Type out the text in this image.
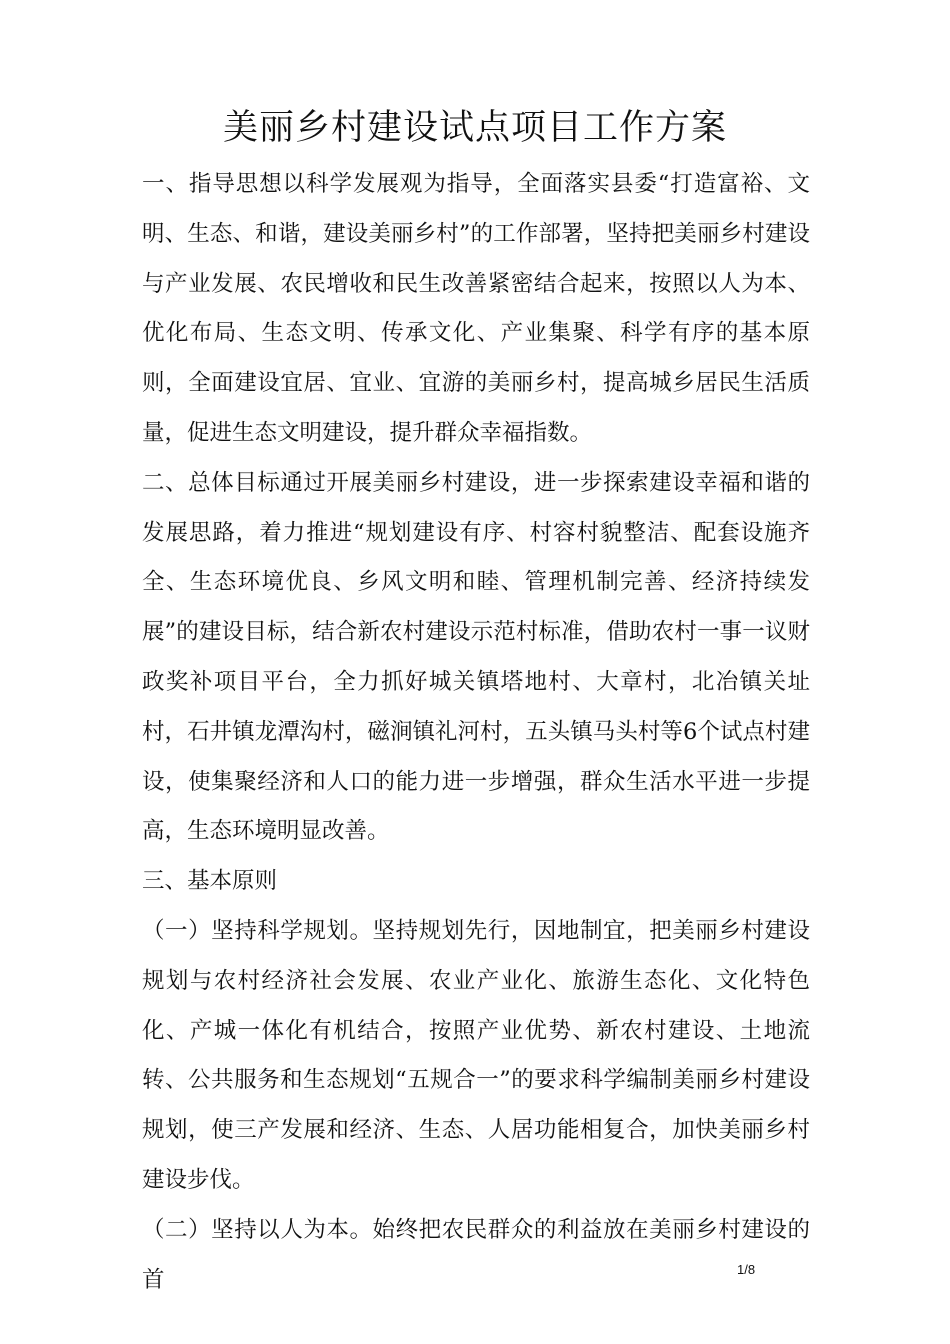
美丽乡村建设试点项目工作方案

一、指导思想以科学发展观为指导，全面落实县委“打造富裕、文明、生态、和谐，建设美丽乡村”的工作部署，坚持把美丽乡村建设与产业发展、农民增收和民生改善紧密结合起来，按照以人为本、优化布局、生态文明、传承文化、产业集聚、科学有序的基本原则，全面建设宜居、宜业、宜游的美丽乡村，提高城乡居民生活质量，促进生态文明建设，提升群众幸福指数。

二、总体目标通过开展美丽乡村建设，进一步探索建设幸福和谐的发展思路，着力推进“规划建设有序、村容村貌整洁、配套设施齐全、生态环境优良、乡风文明和睦、管理机制完善、经济持续发展”的建设目标，结合新农村建设示范村标准，借助农村一事一议财政奖补项目平台，全力抓好城关镇塔地村、大章村，北冶镇关址村，石井镇龙潭沟村，磁涧镇礼河村，五头镇马头村等6个试点村建设，使集聚经济和人口的能力进一步增强，群众生活水平进一步提高，生态环境明显改善。

三、基本原则

（一）坚持科学规划。坚持规划先行，因地制宜，把美丽乡村建设规划与农村经济社会发展、农业产业化、旅游生态化、文化特色化、产城一体化有机结合，按照产业优势、新农村建设、土地流转、公共服务和生态规划“五规合一”的要求科学编制美丽乡村建设规划，使三产发展和经济、生态、人居功能相复合，加快美丽乡村建设步伐。

（二）坚持以人为本。始终把农民群众的利益放在美丽乡村建设的首	1/8
